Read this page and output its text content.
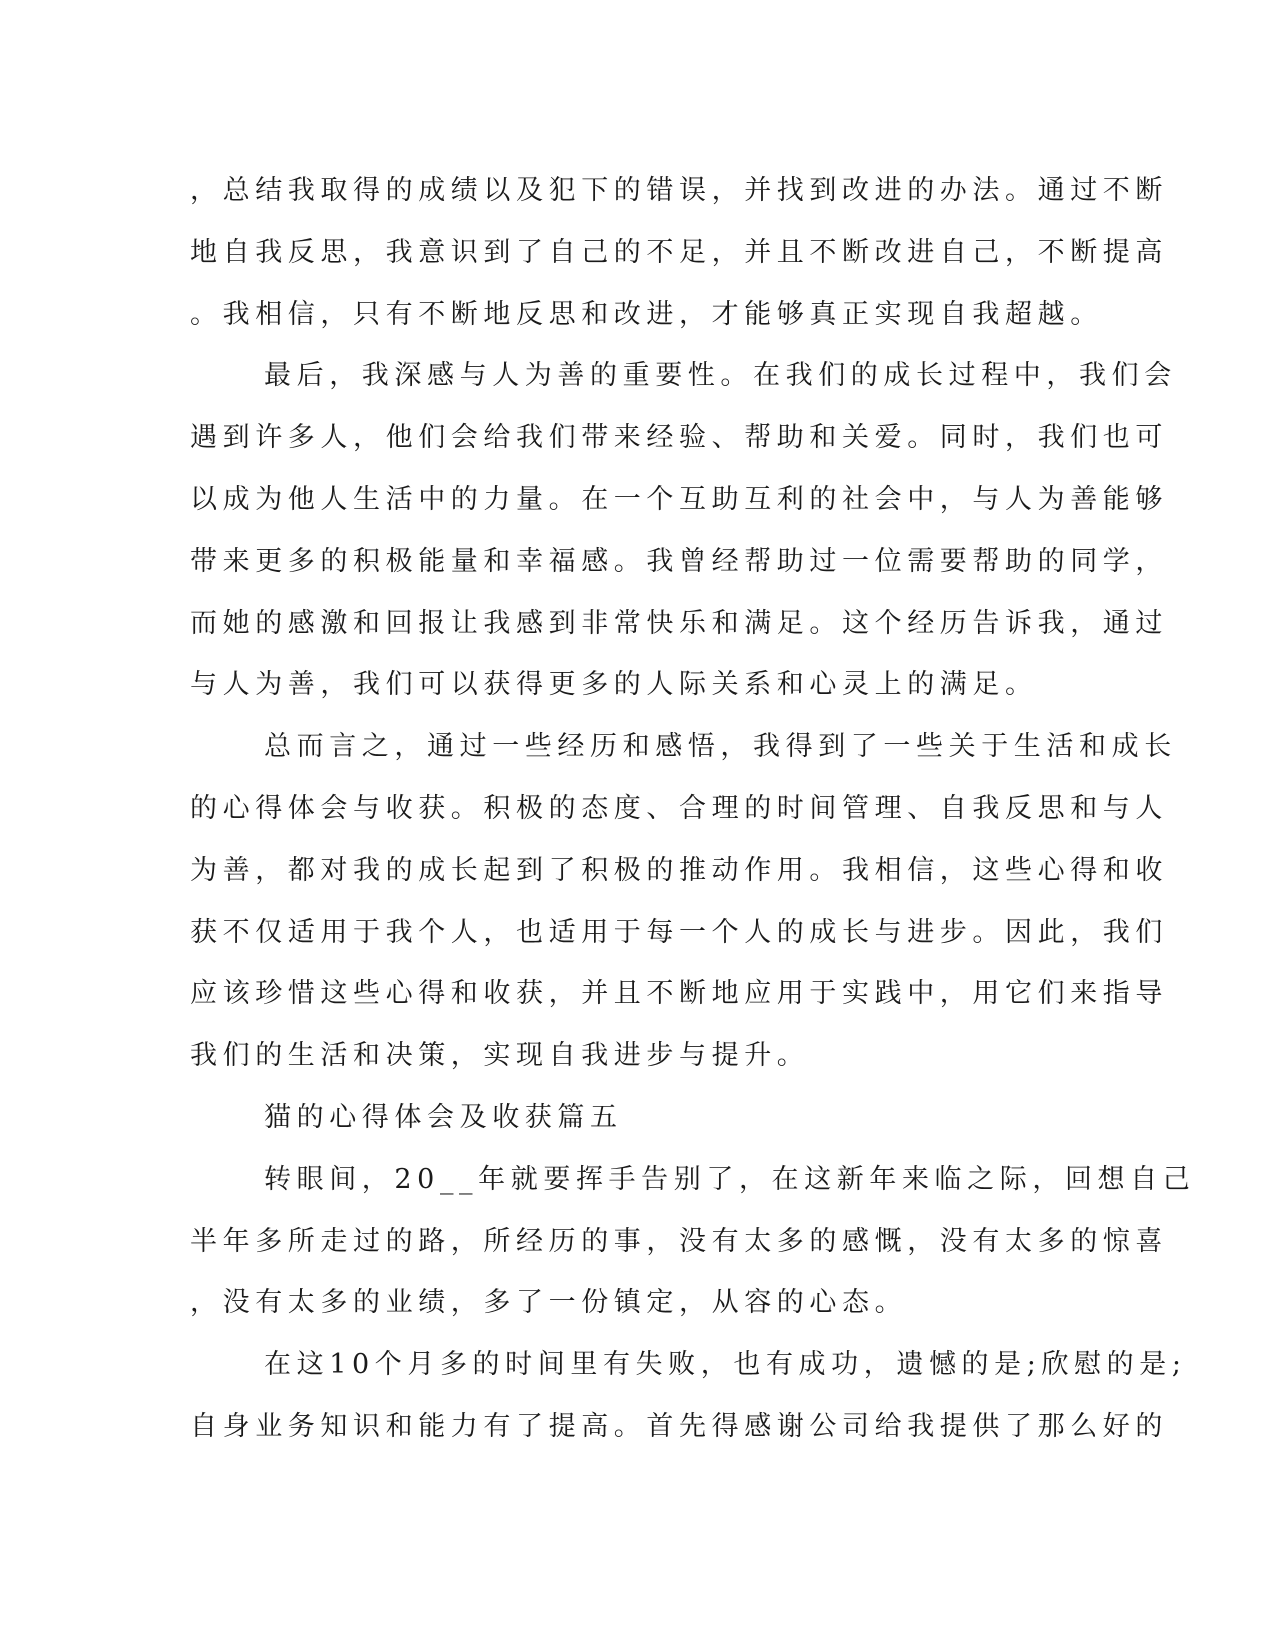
，总结我取得的成绩以及犯下的错误，并找到改进的办法。通过不断
地自我反思，我意识到了自己的不足，并且不断改进自己，不断提高
。我相信，只有不断地反思和改进，才能够真正实现自我超越。
最后，我深感与人为善的重要性。在我们的成长过程中，我们会
遇到许多人，他们会给我们带来经验、帮助和关爱。同时，我们也可
以成为他人生活中的力量。在一个互助互利的社会中，与人为善能够
带来更多的积极能量和幸福感。我曾经帮助过一位需要帮助的同学，
而她的感激和回报让我感到非常快乐和满足。这个经历告诉我，通过
与人为善，我们可以获得更多的人际关系和心灵上的满足。
总而言之，通过一些经历和感悟，我得到了一些关于生活和成长
的心得体会与收获。积极的态度、合理的时间管理、自我反思和与人
为善，都对我的成长起到了积极的推动作用。我相信，这些心得和收
获不仅适用于我个人，也适用于每一个人的成长与进步。因此，我们
应该珍惜这些心得和收获，并且不断地应用于实践中，用它们来指导
我们的生活和决策，实现自我进步与提升。
猫的心得体会及收获篇五
转眼间，20__年就要挥手告别了，在这新年来临之际，回想自己
半年多所走过的路，所经历的事，没有太多的感慨，没有太多的惊喜
，没有太多的业绩，多了一份镇定，从容的心态。
在这10个月多的时间里有失败，也有成功，遗憾的是;欣慰的是;
自身业务知识和能力有了提高。首先得感谢公司给我提供了那么好的
